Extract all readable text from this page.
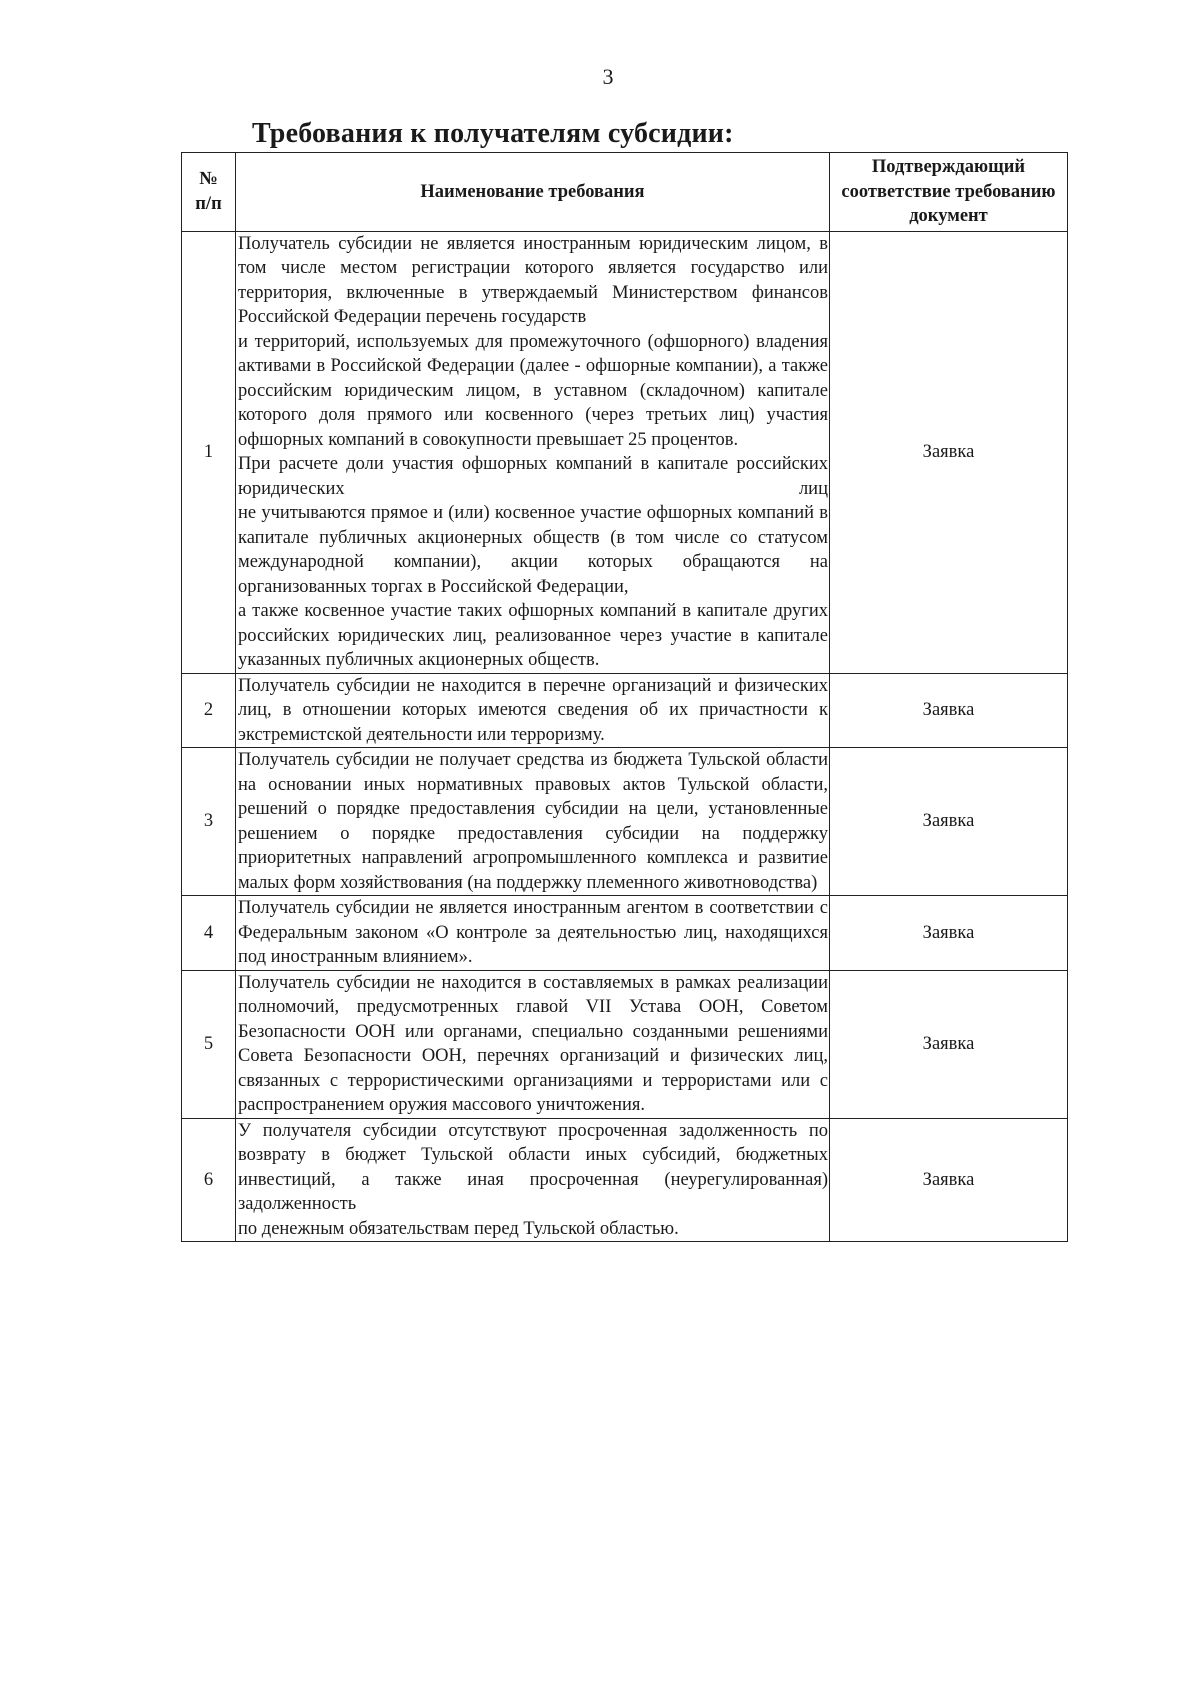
3
Требования к получателям субсидии:
№
п/п	Наименование требования	Подтверждающий соответствие требованию документ
1	Получатель субсидии не является иностранным юридическим лицом, в том числе местом регистрации которого является государство или территория, включенные в утверждаемый Министерством финансов Российской Федерации перечень государств
и территорий, используемых для промежуточного (офшорного) владения активами в Российской Федерации (далее - офшорные компании), а также российским юридическим лицом, в уставном (складочном) капитале которого доля прямого или косвенного (через третьих лиц) участия офшорных компаний в совокупности превышает 25 процентов.
При расчете доли участия офшорных компаний в капитале российских юридических лиц
не учитываются прямое и (или) косвенное участие офшорных компаний в капитале публичных акционерных обществ (в том числе со статусом международной компании), акции которых обращаются на организованных торгах в Российской Федерации,
а также косвенное участие таких офшорных компаний в капитале других российских юридических лиц, реализованное через участие в капитале указанных публичных акционерных обществ.	Заявка
2	Получатель субсидии не находится в перечне организаций и физических лиц, в отношении которых имеются сведения об их причастности к экстремистской деятельности или терроризму.	Заявка
3	Получатель субсидии не получает средства из бюджета Тульской области на основании иных нормативных правовых актов Тульской области, решений о порядке предоставления субсидии на цели, установленные решением о порядке предоставления субсидии на поддержку приоритетных направлений агропромышленного комплекса и развитие малых форм хозяйствования (на поддержку племенного животноводства)	Заявка
4	Получатель субсидии не является иностранным агентом в соответствии с Федеральным законом «О контроле за деятельностью лиц, находящихся под иностранным влиянием».	Заявка
5	Получатель субсидии не находится в составляемых в рамках реализации полномочий, предусмотренных главой VII Устава ООН, Советом Безопасности ООН или органами, специально созданными решениями Совета Безопасности ООН, перечнях организаций и физических лиц, связанных с террористическими организациями и террористами или с распространением оружия массового уничтожения.	Заявка
6	У получателя субсидии отсутствуют просроченная задолженность по возврату в бюджет Тульской области иных субсидий, бюджетных инвестиций, а также иная просроченная (неурегулированная) задолженность
по денежным обязательствам перед Тульской областью.	Заявка
